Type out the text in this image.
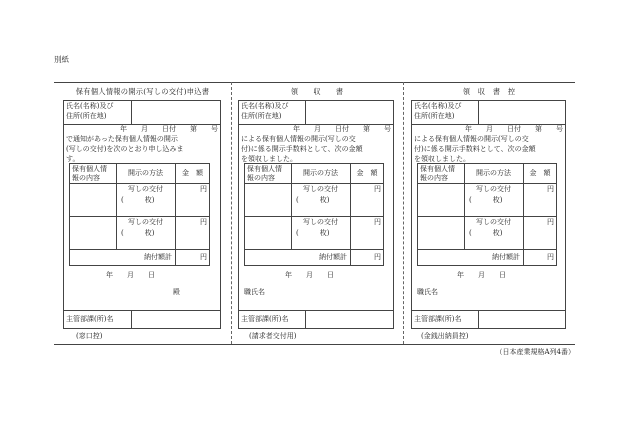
別紙
保有個人情報の開示(写しの交付)申込書
氏名(名称)及び
住所(所在地)
年　　月　　日付　　第　　号
で通知があった保有個人情報の開示
(写しの交付)を次のとおり申し込みま
す。
保有個人情
報の内容
開示の方法	金　額
写しの交付
(　　　枚)
円
写しの交付
(　　　枚)
円
納付額計	円
年　　月　　日
殿
主管部課(所)名
(窓口控)
領　　収　　書
氏名(名称)及び
住所(所在地)
年　　月　　日付　　第　　号
による保有個人情報の開示(写しの交
付)に係る開示手数料として、次の金額
を領収しました。
保有個人情
報の内容
開示の方法	金　額
写しの交付
(　　　枚)
円
写しの交付
(　　　枚)
円
納付額計	円
年　　月　　日
職氏名
主管部課(所)名
(請求者交付用)
領　収　書　控
氏名(名称)及び
住所(所在地)
年　　月　　日付　　第　　号
による保有個人情報の開示(写しの交
付)に係る開示手数料として、次の金額
を領収しました。
保有個人情
報の内容
開示の方法	金　額
写しの交付
(　　　枚)
円
写しの交付
(　　　枚)
円
納付額計	円
年　　月　　日
職氏名
主管部課(所)名
(金銭出納員控)
（日本産業規格A列4番）
